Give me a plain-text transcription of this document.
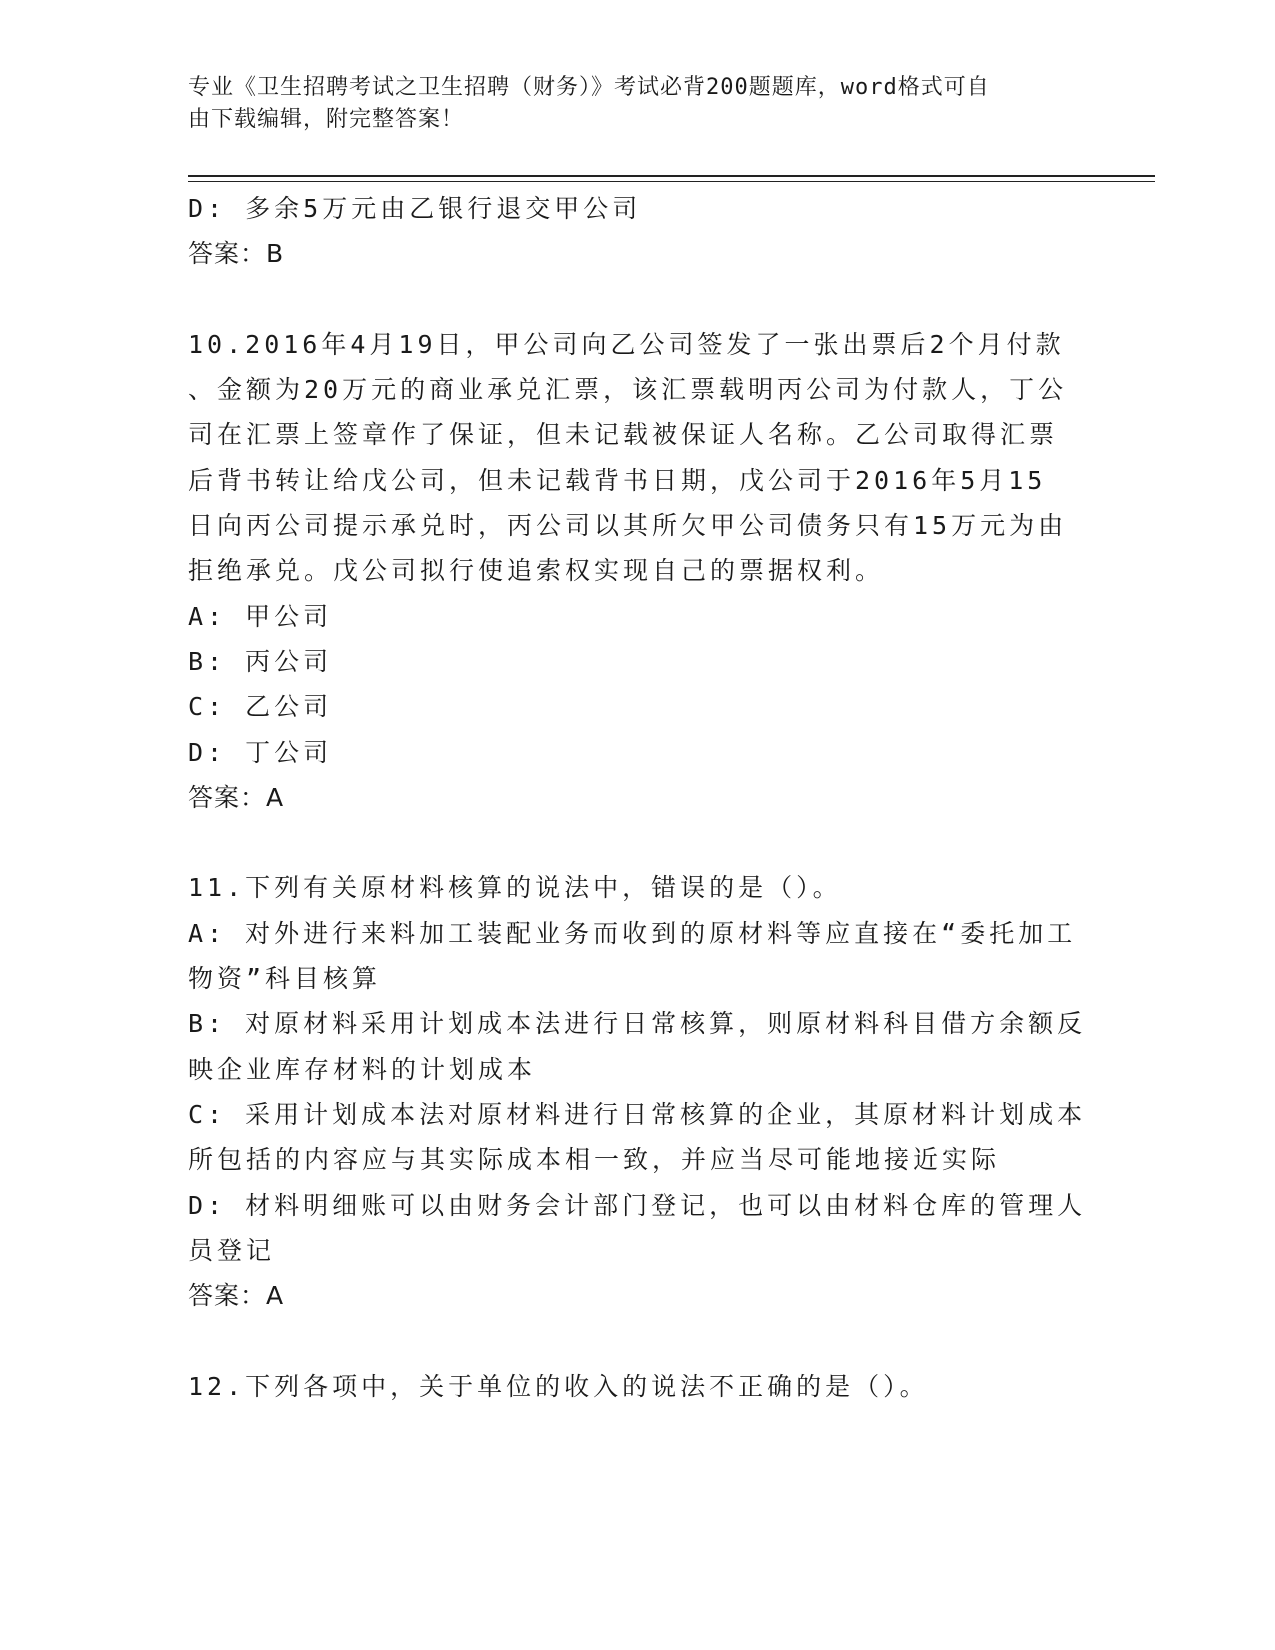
专业《卫生招聘考试之卫生招聘（财务）》考试必背200题题库，word格式可自
由下载编辑，附完整答案！
D: 多余5万元由乙银行退交甲公司
答案：B
10.2016年4月19日，甲公司向乙公司签发了一张出票后2个月付款
、金额为20万元的商业承兑汇票，该汇票载明丙公司为付款人，丁公
司在汇票上签章作了保证，但未记载被保证人名称。乙公司取得汇票
后背书转让给戊公司，但未记载背书日期，戊公司于2016年5月15
日向丙公司提示承兑时，丙公司以其所欠甲公司债务只有15万元为由
拒绝承兑。戊公司拟行使追索权实现自己的票据权利。
A: 甲公司
B: 丙公司
C: 乙公司
D: 丁公司
答案：A
11.下列有关原材料核算的说法中，错误的是（）。
A: 对外进行来料加工装配业务而收到的原材料等应直接在“委托加工
物资”科目核算
B: 对原材料采用计划成本法进行日常核算，则原材料科目借方余额反
映企业库存材料的计划成本
C: 采用计划成本法对原材料进行日常核算的企业，其原材料计划成本
所包括的内容应与其实际成本相一致，并应当尽可能地接近实际
D: 材料明细账可以由财务会计部门登记，也可以由材料仓库的管理人
员登记
答案：A
12.下列各项中，关于单位的收入的说法不正确的是（）。
